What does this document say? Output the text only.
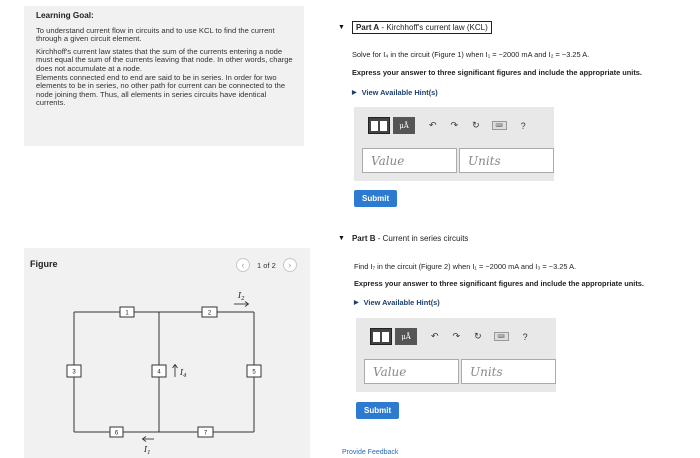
Learning Goal:

To understand current flow in circuits and to use KCL to find the current through a given circuit element.

Kirchhoff's current law states that the sum of the currents entering a node must equal the sum of the currents leaving that node. In other words, charge does not accumulate at a node.

Elements connected end to end are said to be in series. In order for two elements to be in series, no other path for current can be connected to the node joining them. Thus, all elements in series circuits have identical currents.

Figure	‹	1 of 2	›
1	2
3	4	5
6	7
$I_2$
$I_4$
$I_1$
▼	Part A - Kirchhoff's current law (KCL)
Solve for I₄ in the circuit (Figure 1) when I₁ = −2000 mA and I₂ = −3.25 A.
Express your answer to three significant figures and include the appropriate units.
▶ View Available Hint(s)
μÅ	↶ ↷ ↻	⌨	?
Value	Units
Submit
▼ Part B - Current in series circuits
Find I₇ in the circuit (Figure 2) when I₁ = −2000 mA and I₃ = −3.25 A.
Express your answer to three significant figures and include the appropriate units.
▶ View Available Hint(s)
μÅ	↶ ↷ ↻	⌨	?
Value	Units
Submit
Provide Feedback
